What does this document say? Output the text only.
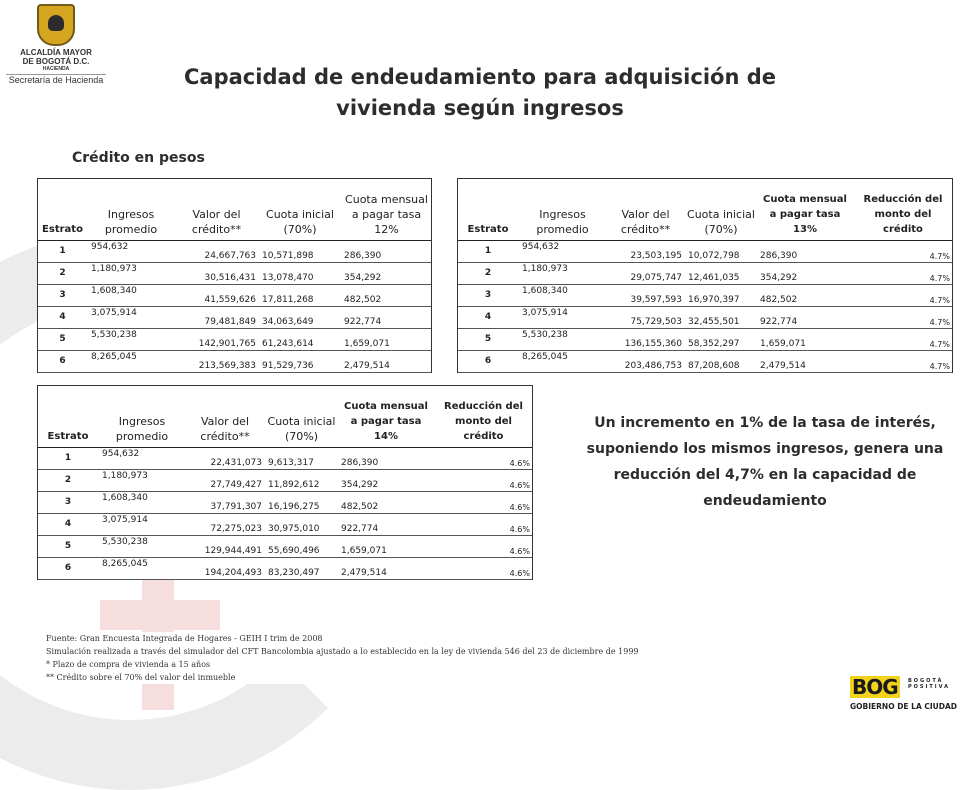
ALCALDÍA MAYOR
DE BOGOTÁ D.C.
HACIENDA
Secretaría de Hacienda	Capacidad de endeudamiento para adquisición de
vivienda según ingresos
Crédito en pesos
Estrato	Ingresos promedio	Valor del crédito**	Cuota inicial (70%)	Cuota mensual a pagar tasa 12%
1	954,632	24,667,763	10,571,898	286,390
2	1,180,973	30,516,431	13,078,470	354,292
3	1,608,340	41,559,626	17,811,268	482,502
4	3,075,914	79,481,849	34,063,649	922,774
5	5,530,238	142,901,765	61,243,614	1,659,071
6	8,265,045	213,569,383	91,529,736	2,479,514
Estrato	Ingresos promedio	Valor del crédito**	Cuota inicial (70%)	Cuota mensual a pagar tasa 13%	Reducción del monto del crédito
1	954,632	23,503,195	10,072,798	286,390	4.7%
2	1,180,973	29,075,747	12,461,035	354,292	4.7%
3	1,608,340	39,597,593	16,970,397	482,502	4.7%
4	3,075,914	75,729,503	32,455,501	922,774	4.7%
5	5,530,238	136,155,360	58,352,297	1,659,071	4.7%
6	8,265,045	203,486,753	87,208,608	2,479,514	4.7%
Estrato	Ingresos promedio	Valor del crédito**	Cuota inicial (70%)	Cuota mensual a pagar tasa 14%	Reducción del monto del crédito
1	954,632	22,431,073	9,613,317	286,390	4.6%
2	1,180,973	27,749,427	11,892,612	354,292	4.6%
3	1,608,340	37,791,307	16,196,275	482,502	4.6%
4	3,075,914	72,275,023	30,975,010	922,774	4.6%
5	5,530,238	129,944,491	55,690,496	1,659,071	4.6%
6	8,265,045	194,204,493	83,230,497	2,479,514	4.6%
Un incremento en 1% de la tasa de interés, suponiendo los mismos ingresos, genera una reducción del 4,7% en la capacidad de endeudamiento
Fuente: Gran Encuesta Integrada de Hogares - GEIH I trim de 2008
Simulación realizada a través del simulador del CFT Bancolombia ajustado a lo establecido en la ley de vivienda 546 del 23 de diciembre de 1999
* Plazo de compra de vivienda a 15 años
** Crédito sobre el 70% del valor del inmueble	BOG	BOGOTÁ POSITIVA
GOBIERNO DE LA CIUDAD
